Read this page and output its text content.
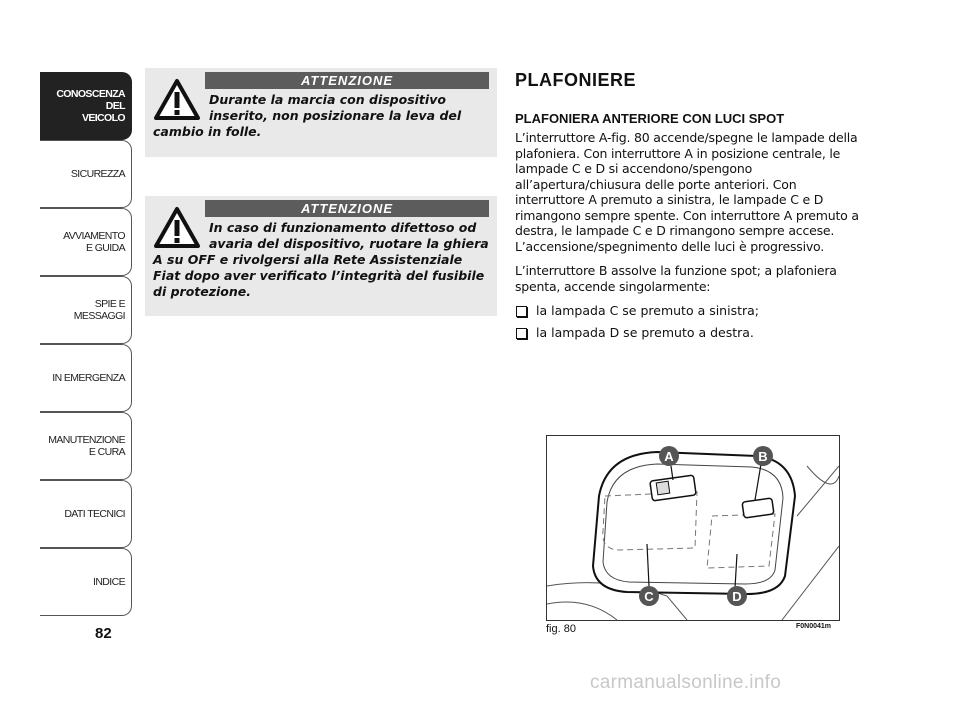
CONOSCENZA
DEL
VEICOLO
SICUREZZA
AVVIAMENTO
E GUIDA
SPIE E
MESSAGGI
IN EMERGENZA
MANUTENZIONE
E CURA
DATI TECNICI
INDICE
82
ATTENZIONE
Durante la marcia con dispositivo inserito, non posizionare la leva del cambio in folle.
ATTENZIONE
In caso di funzionamento difettoso od avaria del dispositivo, ruotare la ghiera A su OFF e rivolgersi alla Rete Assistenziale Fiat dopo aver verificato l’integrità del fusibile di protezione.
PLAFONIERE
PLAFONIERA ANTERIORE CON LUCI SPOT

L’interruttore A-fig. 80 accende/spegne le lampade della plafoniera. Con interruttore A in posizione centrale, le lampade C e D si accendono/spengono all’apertura/chiusura delle porte anteriori. Con interruttore A premuto a sinistra, le lampade C e D rimangono sempre spente. Con interruttore A premuto a destra, le lampade C e D rimangono sempre accese. L’accensione/spegnimento delle luci è progressivo.

L’interruttore B assolve la funzione spot; a plafoniera spenta, accende singolarmente:

la lampada C se premuto a sinistra;
la lampada D se premuto a destra.
A	B
C	D
fig. 80	F0N0041m
carmanualsonline.info
